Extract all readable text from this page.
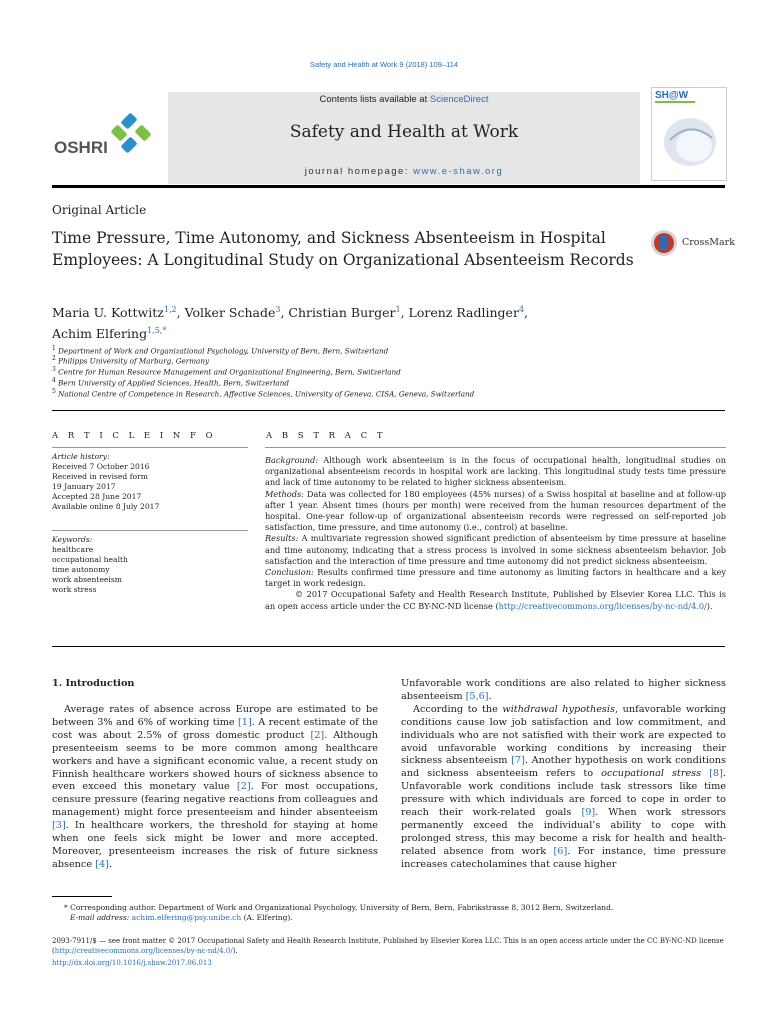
Safety and Health at Work 9 (2018) 109–114
OSHRI
Contents lists available at ScienceDirect
Safety and Health at Work
journal homepage: www.e-shaw.org
SH@W
Original Article
Time Pressure, Time Autonomy, and Sickness Absenteeism in Hospital Employees: A Longitudinal Study on Organizational Absenteeism Records
CrossMark
Maria U. Kottwitz$^{1,2}$, Volker Schade$^3$, Christian Burger$^1$, Lorenz Radlinger$^4$,
Achim Elfering$^{1,5,*}$
$^1$ Department of Work and Organizational Psychology, University of Bern, Bern, Switzerland
$^2$ Philipps University of Marburg, Germany
$^3$ Centre for Human Resource Management and Organizational Engineering, Bern, Switzerland
$^4$ Bern University of Applied Sciences, Health, Bern, Switzerland
$^5$ National Centre of Competence in Research, Affective Sciences, University of Geneva, CISA, Geneva, Switzerland
A R T I C L E I N F O
Article history:
Received 7 October 2016
Received in revised form
19 January 2017
Accepted 28 June 2017
Available online 8 July 2017
Keywords:
healthcare
occupational health
time autonomy
work absenteeism
work stress
A B S T R A C T

Background: Although work absenteeism is in the focus of occupational health, longitudinal studies on organizational absenteeism records in hospital work are lacking. This longitudinal study tests time pressure and lack of time autonomy to be related to higher sickness absenteeism.

Methods: Data was collected for 180 employees (45% nurses) of a Swiss hospital at baseline and at follow-up after 1 year. Absent times (hours per month) were received from the human resources department of the hospital. One-year follow-up of organizational absenteeism records were regressed on self-reported job satisfaction, time pressure, and time autonomy (i.e., control) at baseline.

Results: A multivariate regression showed significant prediction of absenteeism by time pressure at baseline and time autonomy, indicating that a stress process is involved in some sickness absenteeism behavior. Job satisfaction and the interaction of time pressure and time autonomy did not predict sickness absenteeism.

Conclusion: Results confirmed time pressure and time autonomy as limiting factors in healthcare and a key target in work redesign.

© 2017 Occupational Safety and Health Research Institute, Published by Elsevier Korea LLC. This is an open access article under the CC BY-NC-ND license (http://creativecommons.org/licenses/by-nc-nd/4.0/).

1. Introduction

Average rates of absence across Europe are estimated to be between 3% and 6% of working time [1]. A recent estimate of the cost was about 2.5% of gross domestic product [2]. Although presenteeism seems to be more common among healthcare workers and have a significant economic value, a recent study on Finnish healthcare workers showed hours of sickness absence to even exceed this monetary value [2]. For most occupations, censure pressure (fearing negative reactions from colleagues and management) might force presenteeism and hinder absenteeism [3]. In healthcare workers, the threshold for staying at home when one feels sick might be lower and more accepted. Moreover, presenteeism increases the risk of future sickness absence [4].

Unfavorable work conditions are also related to higher sickness absenteeism [5,6].

According to the withdrawal hypothesis, unfavorable working conditions cause low job satisfaction and low commitment, and individuals who are not satisfied with their work are expected to avoid unfavorable working conditions by increasing their sickness absenteeism [7]. Another hypothesis on work conditions and sickness absenteeism refers to occupational stress [8]. Unfavorable work conditions include task stressors like time pressure with which individuals are forced to cope in order to reach their work-related goals [9]. When work stressors permanently exceed the individual’s ability to cope with prolonged stress, this may become a risk for health and health-related absence from work [6]. For instance, time pressure increases catecholamines that cause higher

* Corresponding author. Department of Work and Organizational Psychology, University of Bern, Bern, Fabrikstrasse 8, 3012 Bern, Switzerland.
E-mail address: achim.elfering@psy.unibe.ch (A. Elfering).
2093-7911/$ — see front matter © 2017 Occupational Safety and Health Research Institute, Published by Elsevier Korea LLC. This is an open access article under the CC BY-NC-ND license (http://creativecommons.org/licenses/by-nc-nd/4.0/).
http://dx.doi.org/10.1016/j.shaw.2017.06.013
